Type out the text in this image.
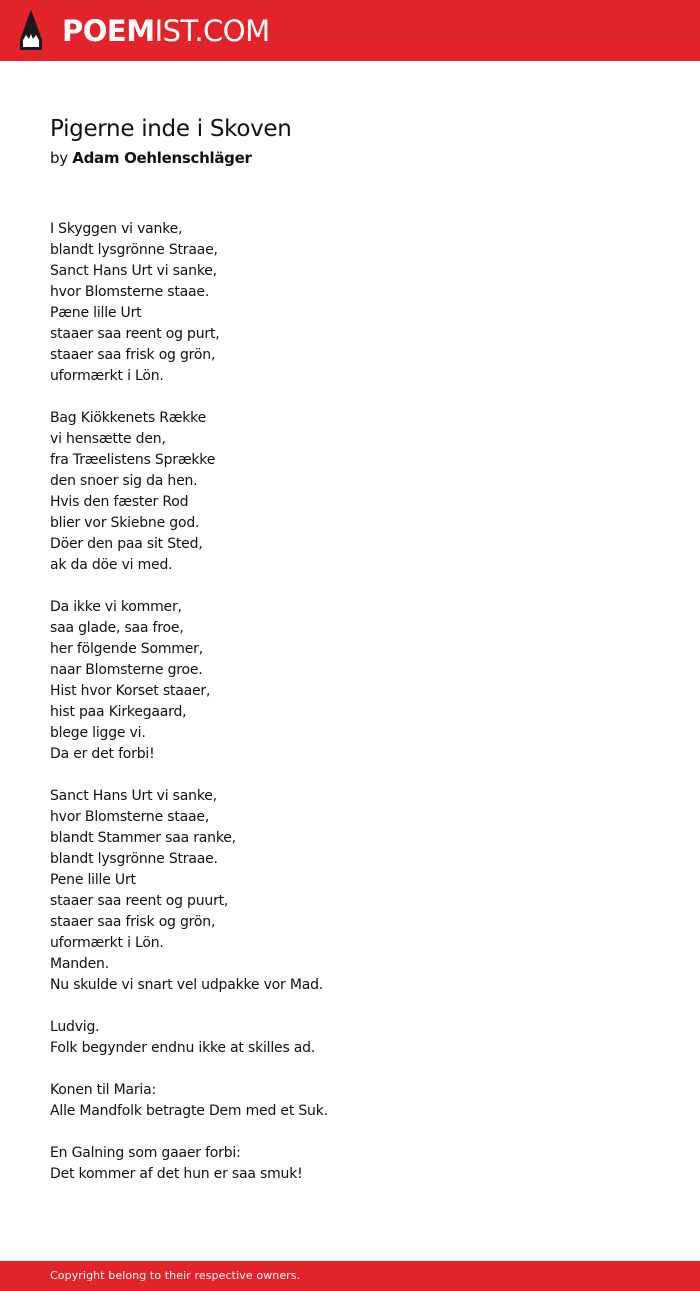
POEMIST.COM
Pigerne inde i Skoven
by Adam Oehlenschläger
I Skyggen vi vanke,
blandt lysgrönne Straae,
Sanct Hans Urt vi sanke,
hvor Blomsterne staae.
Pæne lille Urt
staaer saa reent og purt,
staaer saa frisk og grön,
uformærkt i Lön.
Bag Kiökkenets Række
vi hensætte den,
fra Træelistens Sprække
den snoer sig da hen.
Hvis den fæster Rod
blier vor Skiebne god.
Döer den paa sit Sted,
ak da döe vi med.
Da ikke vi kommer,
saa glade, saa froe,
her fölgende Sommer,
naar Blomsterne groe.
Hist hvor Korset staaer,
hist paa Kirkegaard,
blege ligge vi.
Da er det forbi!
Sanct Hans Urt vi sanke,
hvor Blomsterne staae,
blandt Stammer saa ranke,
blandt lysgrönne Straae.
Pene lille Urt
staaer saa reent og puurt,
staaer saa frisk og grön,
uformærkt i Lön.
Manden.
Nu skulde vi snart vel udpakke vor Mad.
Ludvig.
Folk begynder endnu ikke at skilles ad.
Konen til Maria:
Alle Mandfolk betragte Dem med et Suk.
En Galning som gaaer forbi:
Det kommer af det hun er saa smuk!
Copyright belong to their respective owners.
